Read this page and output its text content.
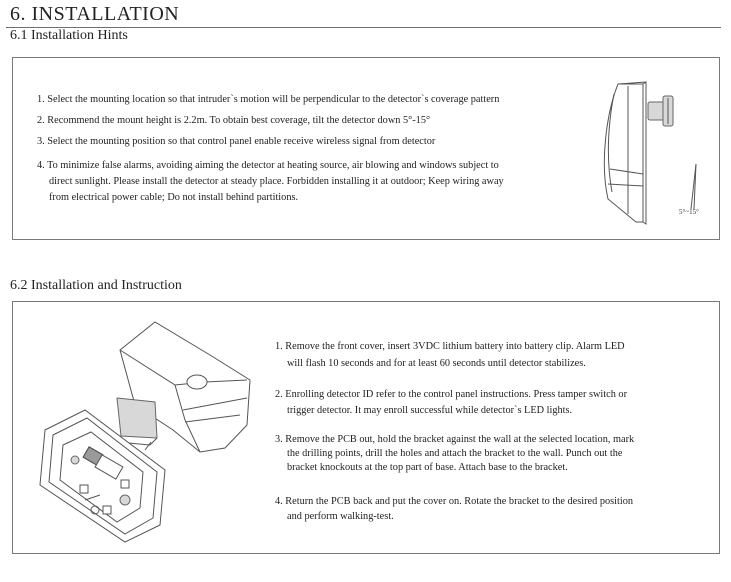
6. INSTALLATION
6.1 Installation Hints
1. Select the mounting location so that intruder`s motion will be perpendicular to the detector`s coverage pattern
2. Recommend the mount height is 2.2m. To obtain best coverage, tilt the detector down 5°-15°
3. Select the mounting position so that control panel enable receive wireless signal from detector
4. To minimize false alarms, avoiding aiming the detector at heating source, air blowing and windows subject to
direct sunlight. Please install the detector at steady place. Forbidden installing it at outdoor; Keep wiring away
from electrical power cable; Do not install behind partitions.
5°~15°
6.2 Installation and Instruction
1. Remove the front cover, insert 3VDC lithium battery into battery clip. Alarm LED
will flash 10 seconds and for at least 60 seconds until detector stabilizes.
2. Enrolling detector ID refer to the control panel instructions. Press tamper switch or
trigger detector. It may enroll successful while detector`s LED lights.
3. Remove the PCB out, hold the bracket against the wall at the selected location, mark
the drilling points, drill the holes and attach the bracket to the wall. Punch out the
bracket knockouts at the top part of base. Attach base to the bracket.
4. Return the PCB back and put the cover on. Rotate the bracket to the desired position
and perform walking-test.
